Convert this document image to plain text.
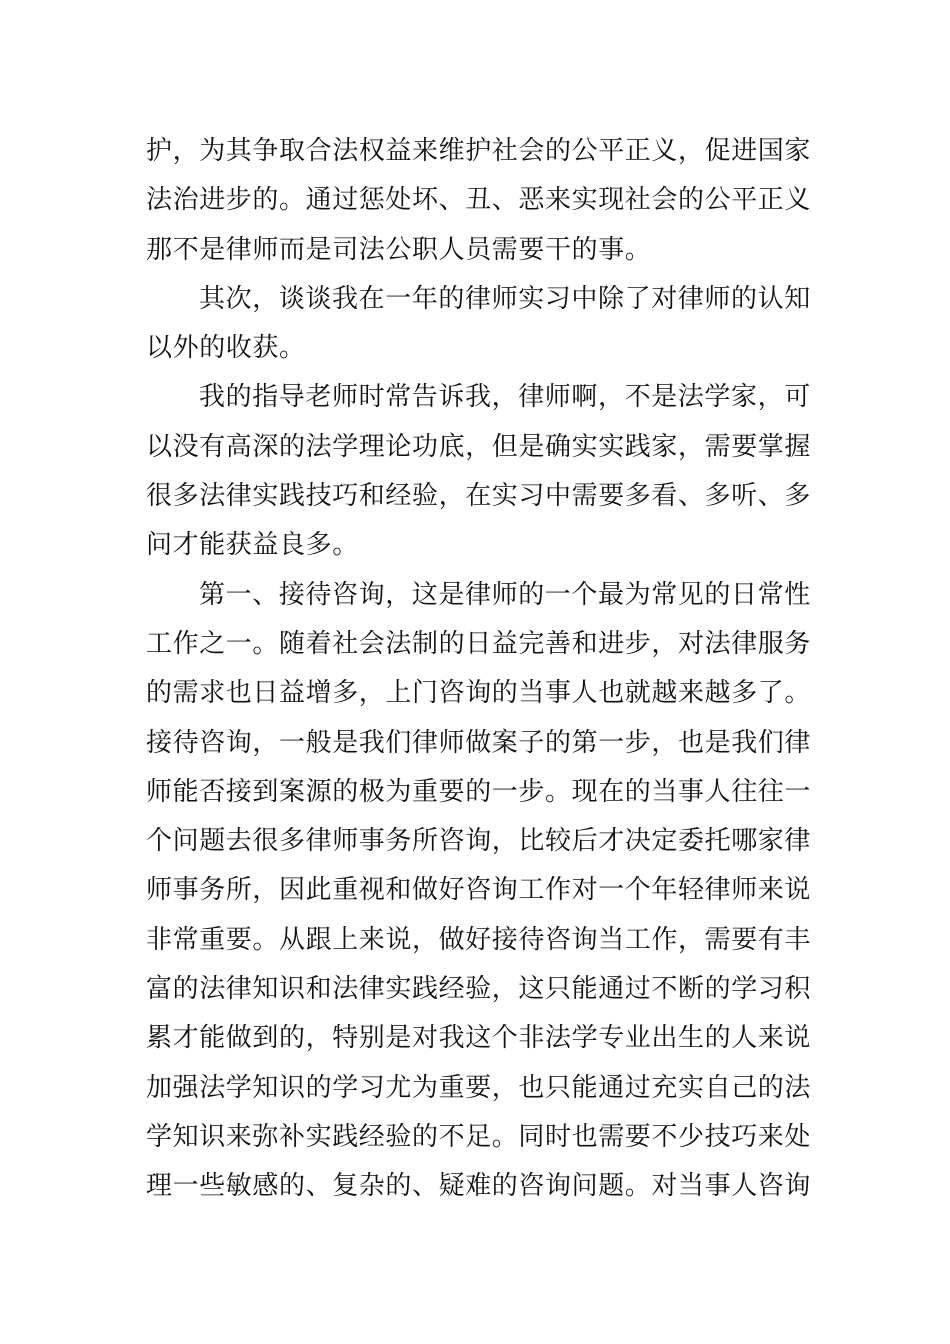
护，为其争取合法权益来维护社会的公平正义，促进国家
法治进步的。通过惩处坏、丑、恶来实现社会的公平正义
那不是律师而是司法公职人员需要干的事。
其次，谈谈我在一年的律师实习中除了对律师的认知
以外的收获。
我的指导老师时常告诉我，律师啊，不是法学家，可
以没有高深的法学理论功底，但是确实实践家，需要掌握
很多法律实践技巧和经验，在实习中需要多看、多听、多
问才能获益良多。
第一、接待咨询，这是律师的一个最为常见的日常性
工作之一。随着社会法制的日益完善和进步，对法律服务
的需求也日益增多，上门咨询的当事人也就越来越多了。
接待咨询，一般是我们律师做案子的第一步，也是我们律
师能否接到案源的极为重要的一步。现在的当事人往往一
个问题去很多律师事务所咨询，比较后才决定委托哪家律
师事务所，因此重视和做好咨询工作对一个年轻律师来说
非常重要。从跟上来说，做好接待咨询当工作，需要有丰
富的法律知识和法律实践经验，这只能通过不断的学习积
累才能做到的，特别是对我这个非法学专业出生的人来说
加强法学知识的学习尤为重要，也只能通过充实自己的法
学知识来弥补实践经验的不足。同时也需要不少技巧来处
理一些敏感的、复杂的、疑难的咨询问题。对当事人咨询
